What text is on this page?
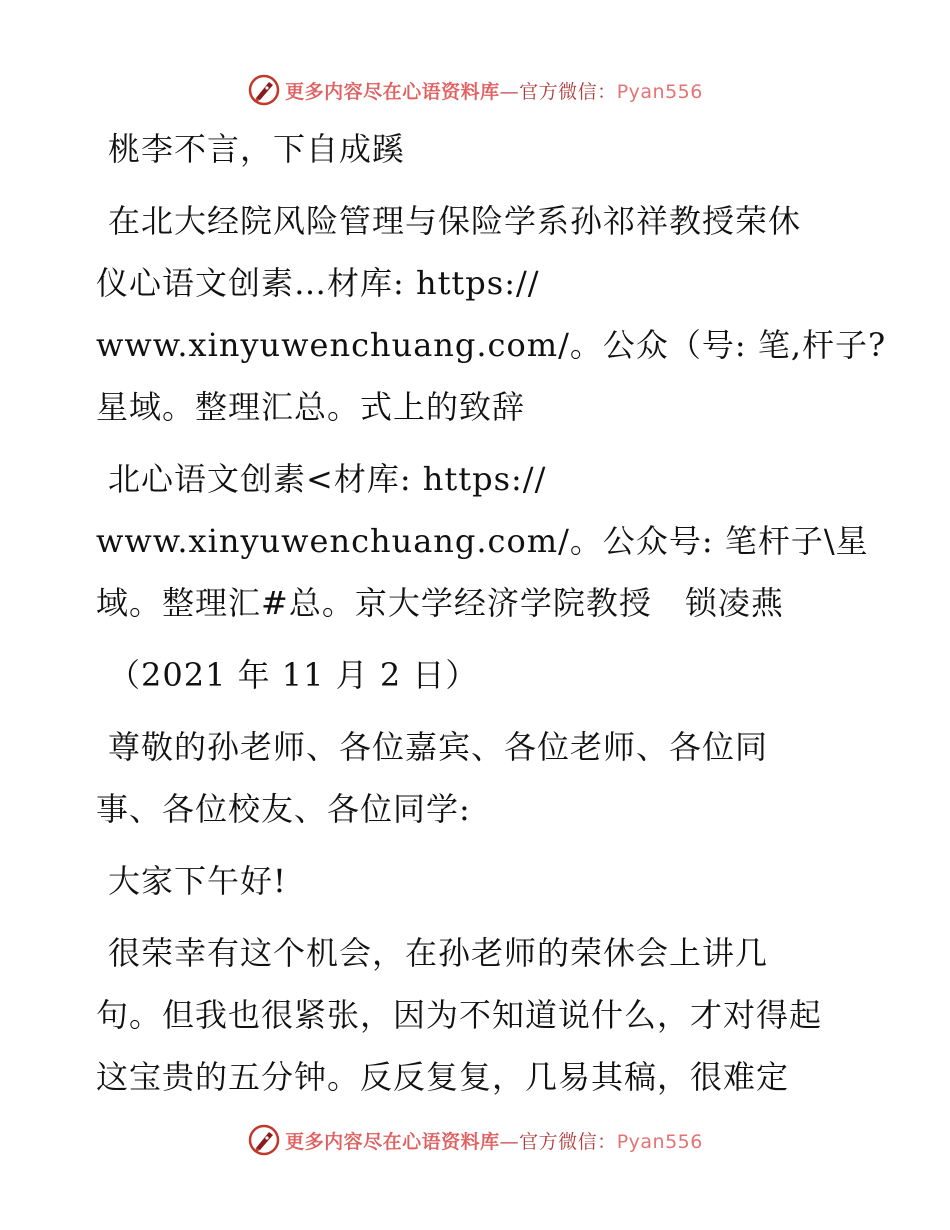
更多内容尽在心语资料库—官方微信：Pyan556

桃李不言，下自成蹊

在北大经院风险管理与保险学系孙祁祥教授荣休
仪心语文创素…材库: https://
www.xinyuwenchuang.com/。公众（号: 笔,杆子?
星域。整理汇总。式上的致辞

北心语文创素<材库: https://
www.xinyuwenchuang.com/。公众号: 笔杆子\星
域。整理汇#总。京大学经济学院教授　锁凌燕

（2021 年 11 月 2 日）

尊敬的孙老师、各位嘉宾、各位老师、各位同
事、各位校友、各位同学:

大家下午好!

很荣幸有这个机会，在孙老师的荣休会上讲几
句。但我也很紧张，因为不知道说什么，才对得起
这宝贵的五分钟。反反复复，几易其稿，很难定

更多内容尽在心语资料库—官方微信：Pyan556
